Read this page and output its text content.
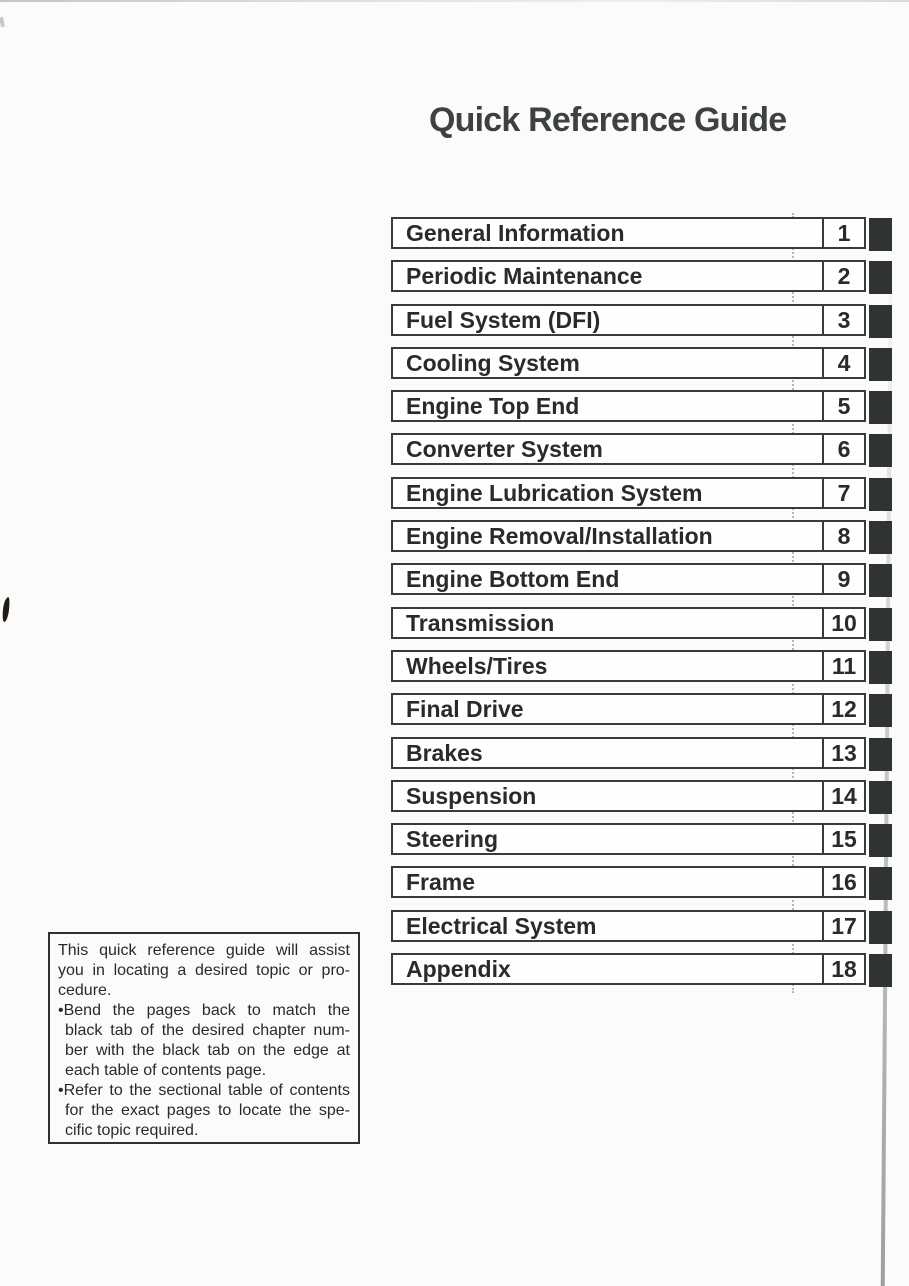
Quick Reference Guide
General Information	1
Periodic Maintenance	2
Fuel System (DFI)	3
Cooling System	4
Engine Top End	5
Converter System	6
Engine Lubrication System	7
Engine Removal/Installation	8
Engine Bottom End	9
Transmission	10
Wheels/Tires	11
Final Drive	12
Brakes	13
Suspension	14
Steering	15
Frame	16
Electrical System	17
Appendix	18
This quick reference guide will assist
you in locating a desired topic or pro-
cedure.
•Bend the pages back to match the
black tab of the desired chapter num-
ber with the black tab on the edge at
each table of contents page.
•Refer to the sectional table of contents
for the exact pages to locate the spe-
cific topic required.
